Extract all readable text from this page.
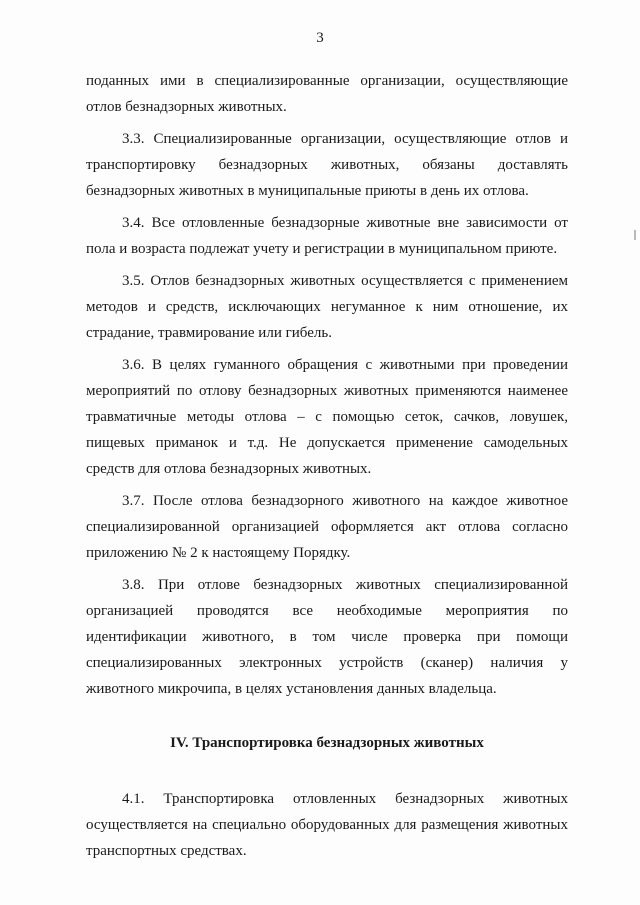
3

поданных ими в специализированные организации, осуществляющие отлов безнадзорных животных.

3.3. Специализированные организации, осуществляющие отлов и транспортировку безнадзорных животных, обязаны доставлять безнадзорных животных в муниципальные приюты в день их отлова.

3.4. Все отловленные безнадзорные животные вне зависимости от пола и возраста подлежат учету и регистрации в муниципальном приюте.

3.5. Отлов безнадзорных животных осуществляется с применением методов и средств, исключающих негуманное к ним отношение, их страдание, травмирование или гибель.

3.6. В целях гуманного обращения с животными при проведении мероприятий по отлову безнадзорных животных применяются наименее травматичные методы отлова – с помощью сеток, сачков, ловушек, пищевых приманок и т.д. Не допускается применение самодельных средств для отлова безнадзорных животных.

3.7. После отлова безнадзорного животного на каждое животное специализированной организацией оформляется акт отлова согласно приложению № 2 к настоящему Порядку.

3.8. При отлове безнадзорных животных специализированной организацией проводятся все необходимые мероприятия по идентификации животного, в том числе проверка при помощи специализированных электронных устройств (сканер) наличия у животного микрочипа, в целях установления данных владельца.

IV. Транспортировка безнадзорных животных

4.1. Транспортировка отловленных безнадзорных животных осуществляется на специально оборудованных для размещения животных транспортных средствах.
